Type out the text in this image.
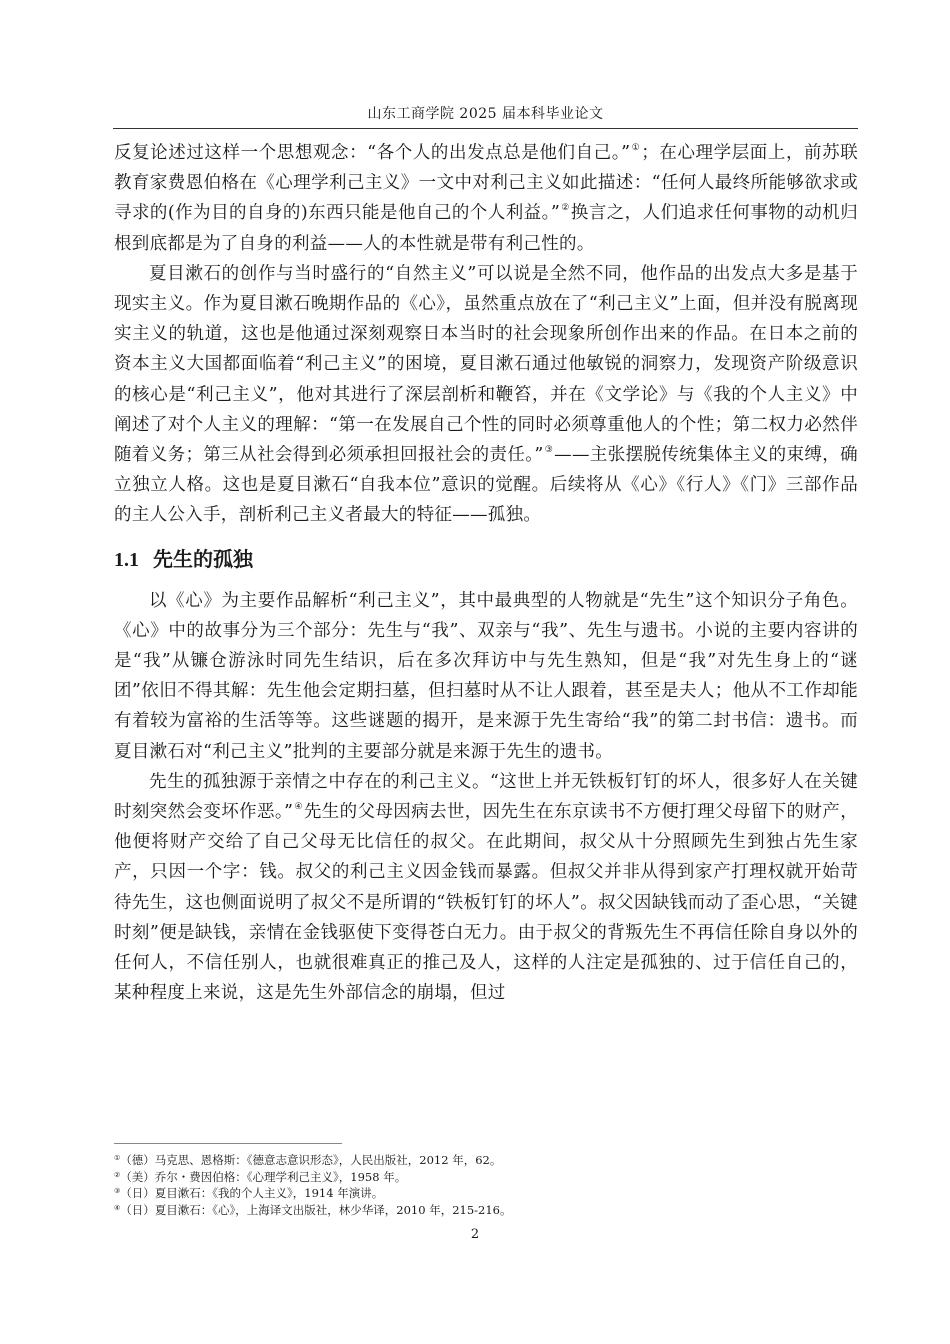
山东工商学院 2025 届本科毕业论文

反复论述过这样一个思想观念：“各个人的出发点总是他们自己。”①；在心理学层面上，前苏联教育家费恩伯格在《心理学利己主义》一文中对利己主义如此描述：“任何人最终所能够欲求或寻求的(作为目的自身的)东西只能是他自己的个人利益。”②换言之，人们追求任何事物的动机归根到底都是为了自身的利益——人的本性就是带有利己性的。

夏目漱石的创作与当时盛行的“自然主义”可以说是全然不同，他作品的出发点大多是基于现实主义。作为夏目漱石晚期作品的《心》，虽然重点放在了“利己主义”上面，但并没有脱离现实主义的轨道，这也是他通过深刻观察日本当时的社会现象所创作出来的作品。在日本之前的资本主义大国都面临着“利己主义”的困境，夏目漱石通过他敏锐的洞察力，发现资产阶级意识的核心是“利己主义”，他对其进行了深层剖析和鞭笞，并在《文学论》与《我的个人主义》中阐述了对个人主义的理解：“第一在发展自己个性的同时必须尊重他人的个性；第二权力必然伴随着义务；第三从社会得到必须承担回报社会的责任。”③——主张摆脱传统集体主义的束缚，确立独立人格。这也是夏目漱石“自我本位”意识的觉醒。后续将从《心》《行人》《门》三部作品的主人公入手，剖析利己主义者最大的特征——孤独。

1.1 先生的孤独

以《心》为主要作品解析“利己主义”，其中最典型的人物就是“先生”这个知识分子角色。《心》中的故事分为三个部分：先生与“我”、双亲与“我”、先生与遗书。小说的主要内容讲的是“我”从镰仓游泳时同先生结识，后在多次拜访中与先生熟知，但是“我”对先生身上的“谜团”依旧不得其解：先生他会定期扫墓，但扫墓时从不让人跟着，甚至是夫人；他从不工作却能有着较为富裕的生活等等。这些谜题的揭开，是来源于先生寄给“我”的第二封书信：遗书。而夏目漱石对“利己主义”批判的主要部分就是来源于先生的遗书。

先生的孤独源于亲情之中存在的利己主义。“这世上并无铁板钉钉的坏人，很多好人在关键时刻突然会变坏作恶。”④先生的父母因病去世，因先生在东京读书不方便打理父母留下的财产，他便将财产交给了自己父母无比信任的叔父。在此期间，叔父从十分照顾先生到独占先生家产，只因一个字：钱。叔父的利己主义因金钱而暴露。但叔父并非从得到家产打理权就开始苛待先生，这也侧面说明了叔父不是所谓的“铁板钉钉的坏人”。叔父因缺钱而动了歪心思，“关键时刻”便是缺钱，亲情在金钱驱使下变得苍白无力。由于叔父的背叛先生不再信任除自身以外的任何人，不信任别人，也就很难真正的推己及人，这样的人注定是孤独的、过于信任自己的，某种程度上来说，这是先生外部信念的崩塌，但过

①（德）马克思、恩格斯：《德意志意识形态》，人民出版社，2012 年，62。

②（美）乔尔・费因伯格：《心理学利己主义》，1958 年。

③（日）夏目漱石：《我的个人主义》，1914 年演讲。

④（日）夏目漱石：《心》，上海译文出版社，林少华译，2010 年，215-216。

2
